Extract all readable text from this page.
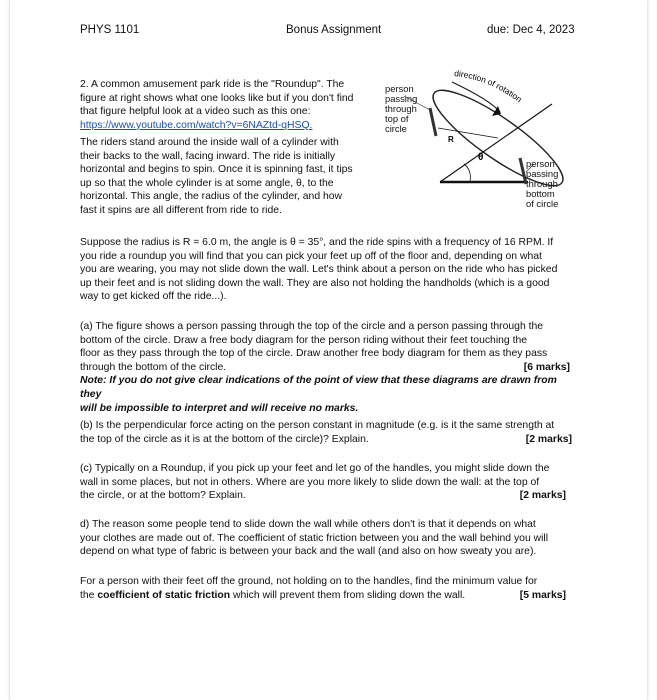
PHYS 1101	Bonus Assignment	due: Dec 4, 2023
2. A common amusement park ride is the "Roundup". The
figure at right shows what one looks like but if you don't find
that figure helpful look at a video such as this one:
https://www.youtube.com/watch?v=6NAZtd-qHSQ.
The riders stand around the inside wall of a cylinder with
their backs to the wall, facing inward. The ride is initially
horizontal and begins to spin. Once it is spinning fast, it tips
up so that the whole cylinder is at some angle, θ, to the
horizontal. This angle, the radius of the cylinder, and how
fast it spins are all different from ride to ride.
person
passing
through
top of
circle
person
passing
through
bottom
of circle
θ
R
direction of rotation
Suppose the radius is R = 6.0 m, the angle is θ = 35°, and the ride spins with a frequency of 16 RPM. If
you ride a roundup you will find that you can pick your feet up off of the floor and, depending on what
you are wearing, you may not slide down the wall. Let's think about a person on the ride who has picked
up their feet and is not sliding down the wall. They are also not holding the handholds (which is a good
way to get kicked off the ride...).
(a) The figure shows a person passing through the top of the circle and a person passing through the
bottom of the circle. Draw a free body diagram for the person riding without their feet touching the
floor as they pass through the top of the circle. Draw another free body diagram for them as they pass
through the bottom of the circle.	[6 marks]
Note: If you do not give clear indications of the point of view that these diagrams are drawn from they
will be impossible to interpret and will receive no marks.
(b) Is the perpendicular force acting on the person constant in magnitude (e.g. is it the same strength at
the top of the circle as it is at the bottom of the circle)? Explain.	[2 marks]
(c) Typically on a Roundup, if you pick up your feet and let go of the handles, you might slide down the
wall in some places, but not in others. Where are you more likely to slide down the wall: at the top of
the circle, or at the bottom? Explain.	[2 marks]
d) The reason some people tend to slide down the wall while others don't is that it depends on what
your clothes are made out of. The coefficient of static friction between you and the wall behind you will
depend on what type of fabric is between your back and the wall (and also on how sweaty you are).
For a person with their feet off the ground, not holding on to the handles, find the minimum value for
the coefficient of static friction which will prevent them from sliding down the wall.	[5 marks]
